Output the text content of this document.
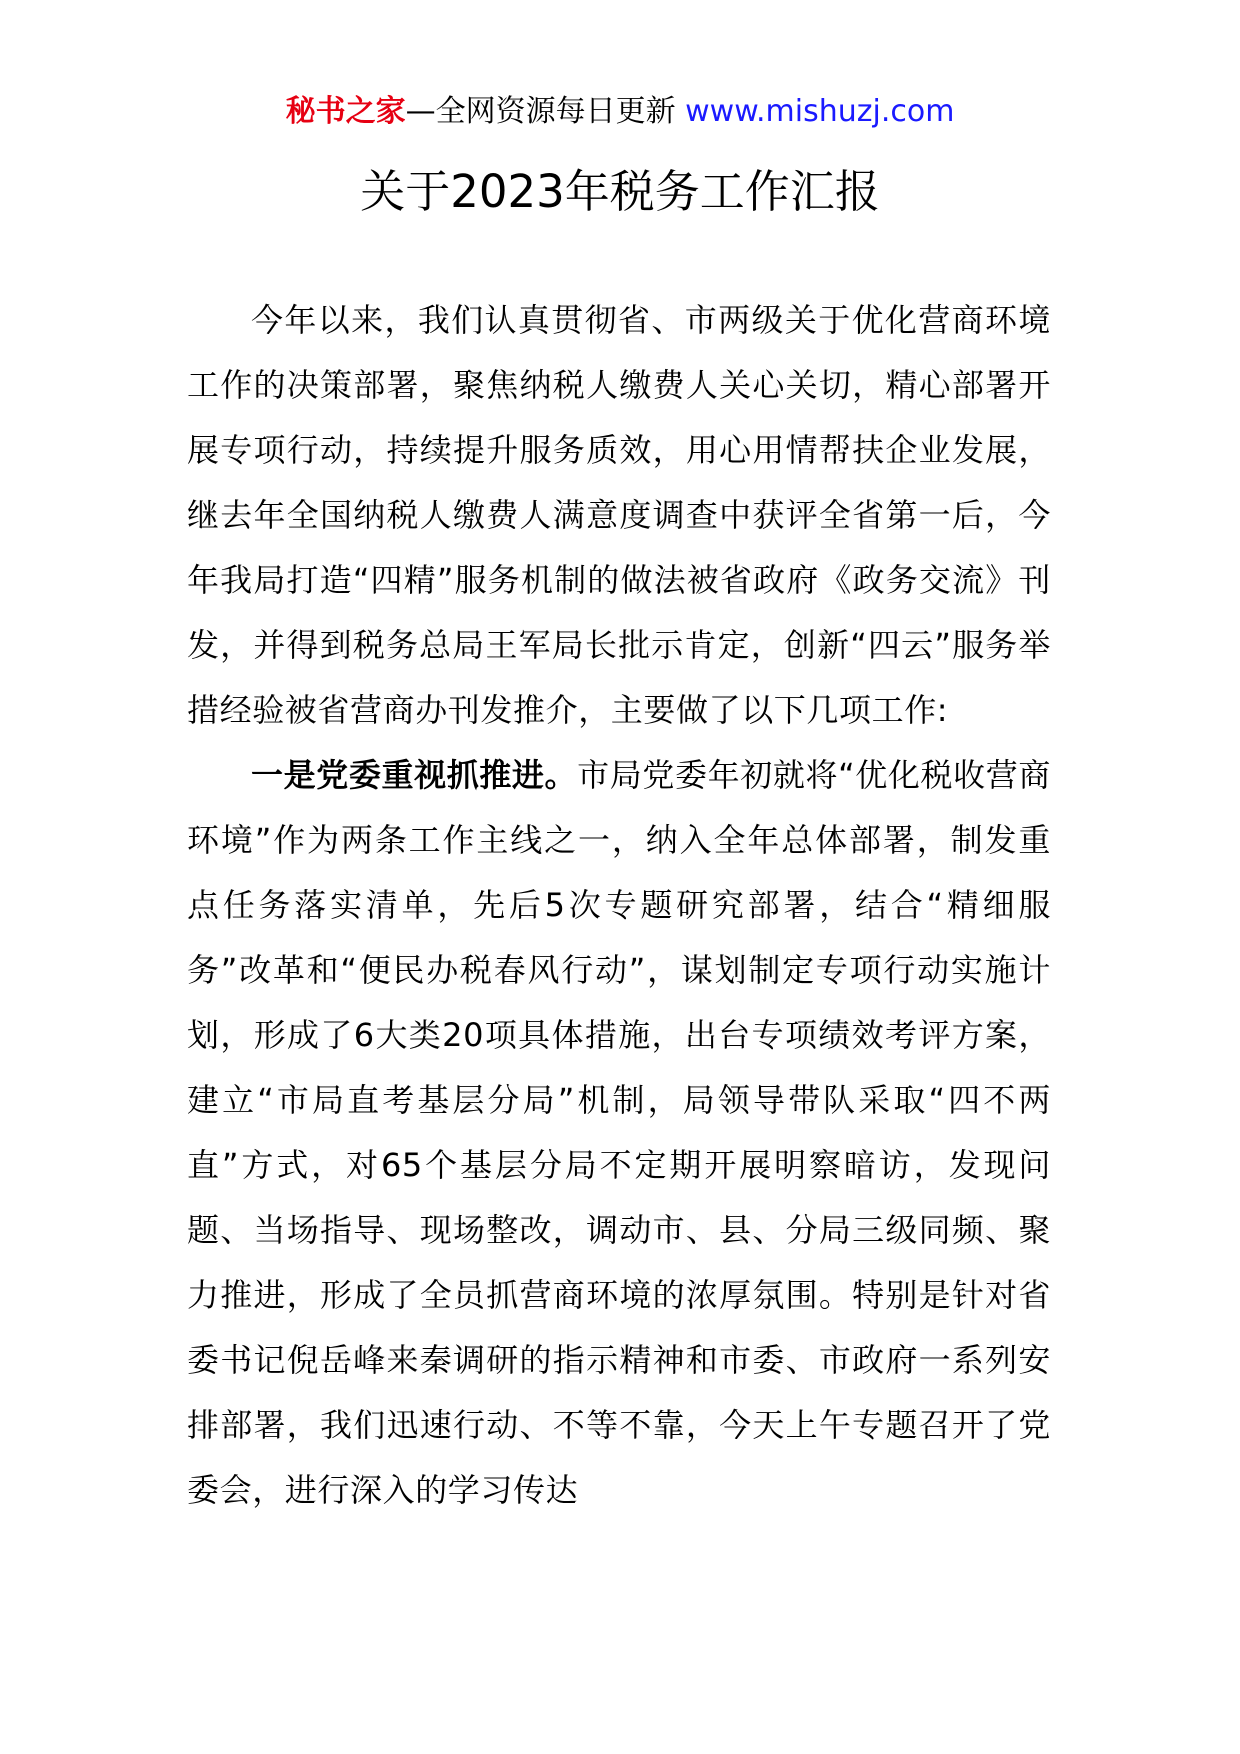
秘书之家—全网资源每日更新 www.mishuzj.com
关于2023年税务工作汇报

今年以来，我们认真贯彻省、市两级关于优化营商环境工作的决策部署，聚焦纳税人缴费人关心关切，精心部署开展专项行动，持续提升服务质效，用心用情帮扶企业发展，继去年全国纳税人缴费人满意度调查中获评全省第一后，今年我局打造“四精”服务机制的做法被省政府《政务交流》刊发，并得到税务总局王军局长批示肯定，创新“四云”服务举措经验被省营商办刊发推介，主要做了以下几项工作:

一是党委重视抓推进。市局党委年初就将“优化税收营商环境”作为两条工作主线之一，纳入全年总体部署，制发重点任务落实清单，先后5次专题研究部署，结合“精细服务”改革和“便民办税春风行动”，谋划制定专项行动实施计划，形成了6大类20项具体措施，出台专项绩效考评方案，建立“市局直考基层分局”机制，局领导带队采取“四不两直”方式，对65个基层分局不定期开展明察暗访，发现问题、当场指导、现场整改，调动市、县、分局三级同频、聚力推进，形成了全员抓营商环境的浓厚氛围。特别是针对省委书记倪岳峰来秦调研的指示精神和市委、市政府一系列安排部署，我们迅速行动、不等不靠，今天上午专题召开了党委会，进行深入的学习传达
